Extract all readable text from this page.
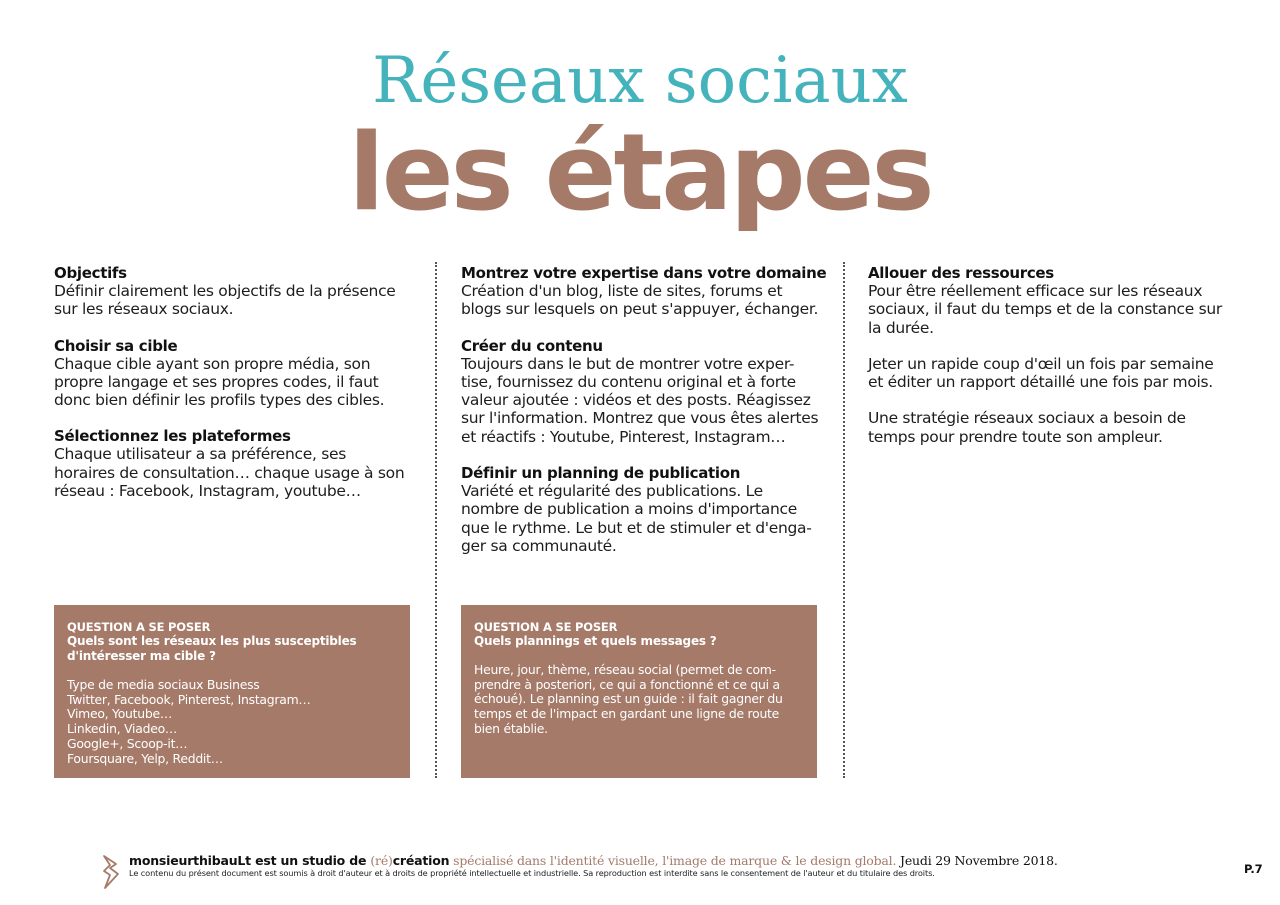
Réseaux sociaux
les étapes
Objectifs
Définir clairement les objectifs de la présence
sur les réseaux sociaux.
Choisir sa cible
Chaque cible ayant son propre média, son
propre langage et ses propres codes, il faut
donc bien définir les profils types des cibles.
Sélectionnez les plateformes
Chaque utilisateur a sa préférence, ses
horaires de consultation… chaque usage à son
réseau : Facebook, Instagram, youtube…
Montrez votre expertise dans votre domaine
Création d'un blog, liste de sites, forums et
blogs sur lesquels on peut s'appuyer, échanger.
Créer du contenu
Toujours dans le but de montrer votre exper-
tise, fournissez du contenu original et à forte
valeur ajoutée : vidéos et des posts. Réagissez
sur l'information. Montrez que vous êtes alertes
et réactifs : Youtube, Pinterest, Instagram…
Définir un planning de publication
Variété et régularité des publications. Le
nombre de publication a moins d'importance
que le rythme. Le but et de stimuler et d'enga-
ger sa communauté.
Allouer des ressources
Pour être réellement efficace sur les réseaux
sociaux, il faut du temps et de la constance sur
la durée.
Jeter un rapide coup d'œil un fois par semaine
et éditer un rapport détaillé une fois par mois.
Une stratégie réseaux sociaux a besoin de
temps pour prendre toute son ampleur.
QUESTION A SE POSER
Quels sont les réseaux les plus susceptibles
d'intéresser ma cible ?
Type de media sociaux Business
Twitter, Facebook, Pinterest, Instagram…
Vimeo, Youtube…
Linkedin, Viadeo…
Google+, Scoop-it…
Foursquare, Yelp, Reddit…
QUESTION A SE POSER
Quels plannings et quels messages ?
Heure, jour, thème, réseau social (permet de com-
prendre à posteriori, ce qui a fonctionné et ce qui a
échoué). Le planning est un guide : il fait gagner du
temps et de l'impact en gardant une ligne de route
bien établie.
monsieurthibauLt est un studio de (ré)création spécialisé dans l'identité visuelle, l'image de marque & le design global. Jeudi 29 Novembre 2018.
Le contenu du présent document est soumis à droit d'auteur et à droits de propriété intellectuelle et industrielle. Sa reproduction est interdite sans le consentement de l'auteur et du titulaire des droits.	P.7
